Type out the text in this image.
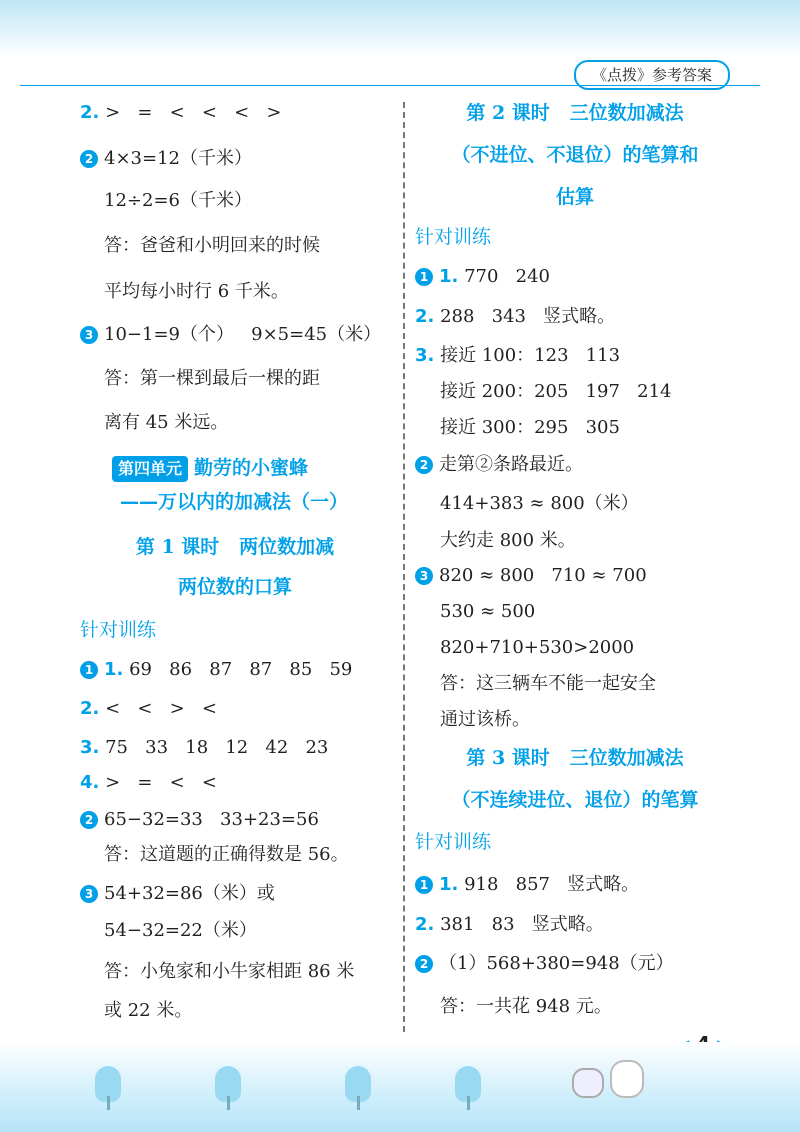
《点拨》参考答案
2. >   =   <   <   <   >
2 4×3=12（千米）
12÷2=6（千米）
答：爸爸和小明回来的时候
平均每小时行 6 千米。
3 10−1=9（个）   9×5=45（米）
答：第一棵到最后一棵的距
离有 45 米远。
第四单元 勤劳的小蜜蜂
——万以内的加减法（一）
第 1 课时   两位数加减
两位数的口算
针对训练
1 1. 69   86   87   87   85   59
2. <   <   >   <
3. 75   33   18   12   42   23
4. >   =   <   <
2 65−32=33   33+23=56
答：这道题的正确得数是 56。
3 54+32=86（米）或
54−32=22（米）
答：小兔家和小牛家相距 86 米
或 22 米。
第 2 课时   三位数加减法
（不进位、不退位）的笔算和
估算
针对训练
1 1. 770   240
2. 288   343   竖式略。
3. 接近 100：123   113
接近 200：205   197   214
接近 300：295   305
2 走第②条路最近。
414+383 ≈ 800（米）
大约走 800 米。
3 820 ≈ 800   710 ≈ 700
530 ≈ 500
820+710+530>2000
答：这三辆车不能一起安全
通过该桥。
第 3 课时   三位数加减法
（不连续进位、退位）的笔算
针对训练
1 1. 918   857   竖式略。
2. 381   83   竖式略。
2 （1）568+380=948（元）
答：一共花 948 元。
